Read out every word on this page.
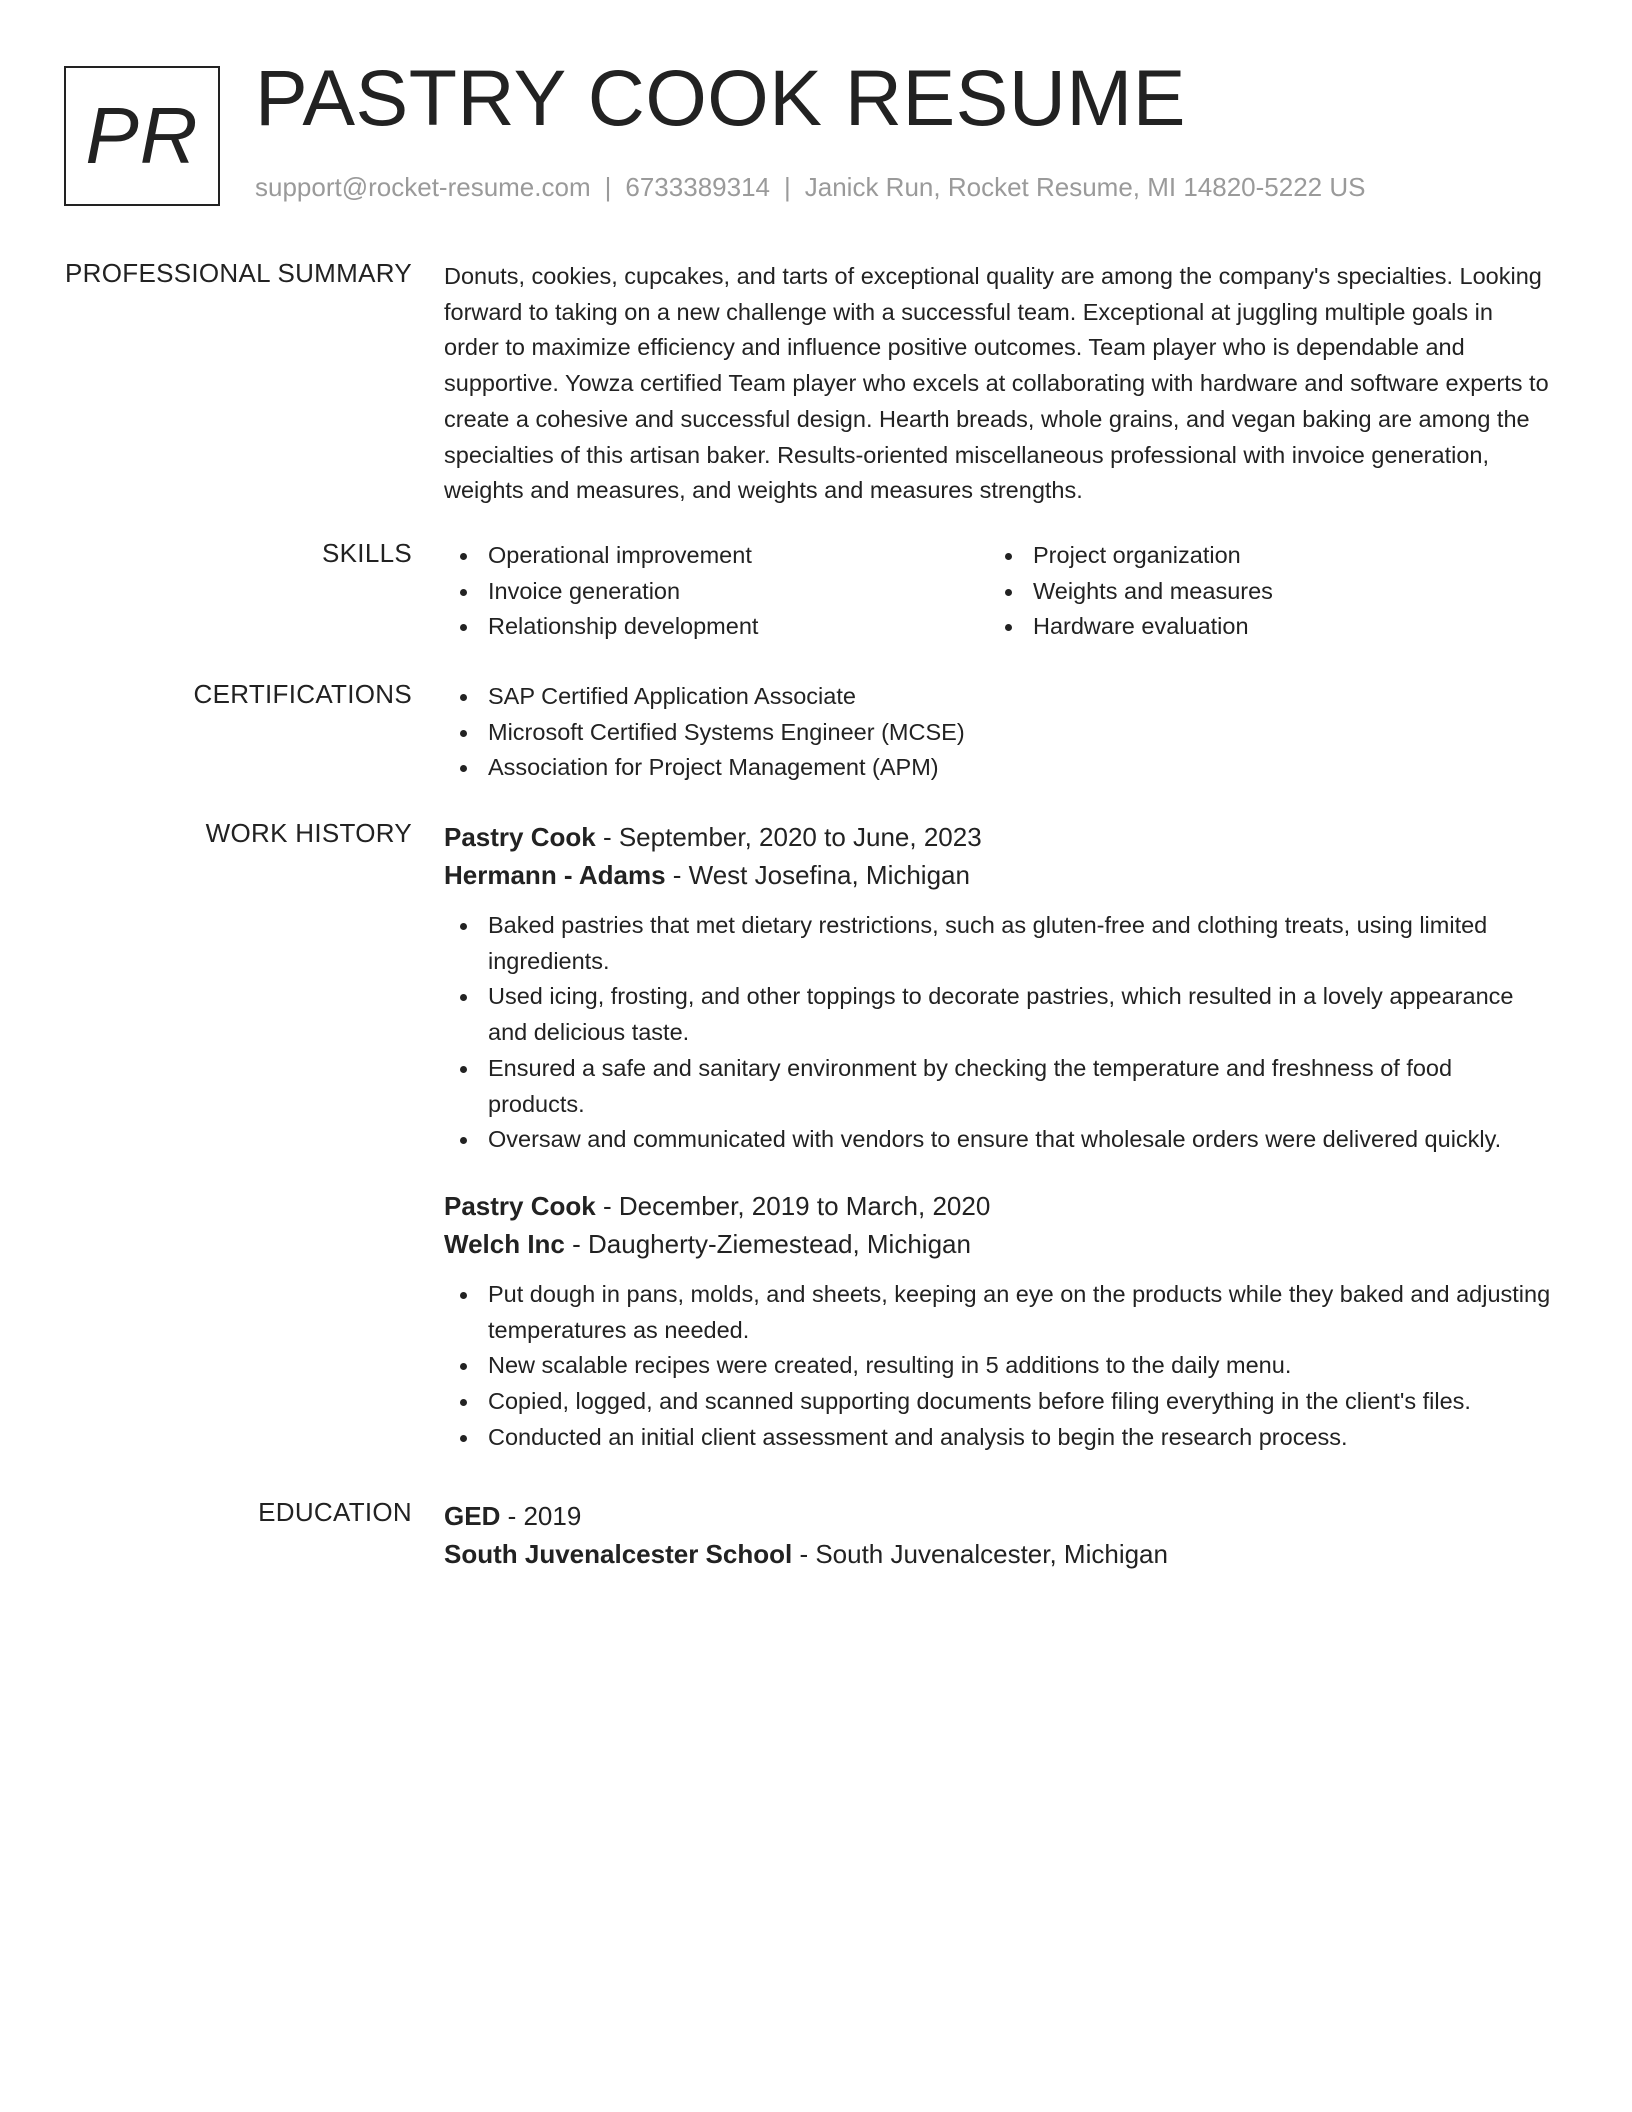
PR PASTRY COOK RESUME
support@rocket-resume.com | 6733389314 | Janick Run, Rocket Resume, MI 14820-5222 US
PROFESSIONAL SUMMARY Donuts, cookies, cupcakes, and tarts of exceptional quality are among the company's specialties. Looking forward to taking on a new challenge with a successful team. Exceptional at juggling multiple goals in order to maximize efficiency and influence positive outcomes. Team player who is dependable and supportive. Yowza certified Team player who excels at collaborating with hardware and software experts to create a cohesive and successful design. Hearth breads, whole grains, and vegan baking are among the specialties of this artisan baker. Results-oriented miscellaneous professional with invoice generation, weights and measures, and weights and measures strengths.

SKILLS	Operational improvement
Invoice generation
Relationship development
Project organization
Weights and measures
Hardware evaluation
CERTIFICATIONS	SAP Certified Application Associate
Microsoft Certified Systems Engineer (MCSE)
Association for Project Management (APM)
WORK HISTORY Pastry Cook - September, 2020 to June, 2023
Hermann - Adams - West Josefina, Michigan
Baked pastries that met dietary restrictions, such as gluten-free and clothing treats, using limited ingredients.
Used icing, frosting, and other toppings to decorate pastries, which resulted in a lovely appearance and delicious taste.
Ensured a safe and sanitary environment by checking the temperature and freshness of food products.
Oversaw and communicated with vendors to ensure that wholesale orders were delivered quickly.
Pastry Cook - December, 2019 to March, 2020
Welch Inc - Daugherty-Ziemestead, Michigan
Put dough in pans, molds, and sheets, keeping an eye on the products while they baked and adjusting temperatures as needed.
New scalable recipes were created, resulting in 5 additions to the daily menu.
Copied, logged, and scanned supporting documents before filing everything in the client's files.
Conducted an initial client assessment and analysis to begin the research process.
EDUCATION GED - 2019
South Juvenalcester School - South Juvenalcester, Michigan
